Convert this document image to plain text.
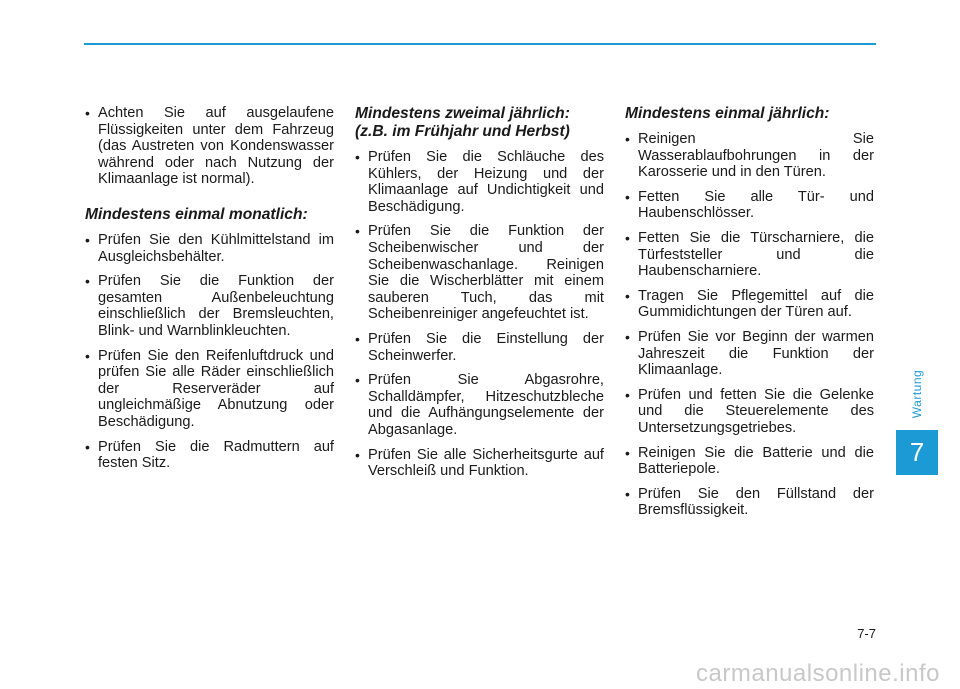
• Achten Sie auf ausgelaufene Flüssigkeiten unter dem Fahrzeug (das Austreten von Kondenswasser während oder nach Nutzung der Klimaanlage ist normal).
Mindestens einmal monatlich:
• Prüfen Sie den Kühlmittelstand im Ausgleichsbehälter.
• Prüfen Sie die Funktion der gesamten Außenbeleuchtung einschließlich der Bremsleuchten, Blink- und Warnblinkleuchten.
• Prüfen Sie den Reifenluftdruck und prüfen Sie alle Räder einschließlich der Reserveräder auf ungleichmäßige Abnutzung oder Beschädigung.
• Prüfen Sie die Radmuttern auf festen Sitz.
Mindestens zweimal jährlich:
(z.B. im Frühjahr und Herbst)
• Prüfen Sie die Schläuche des Kühlers, der Heizung und der Klimaanlage auf Undichtigkeit und Beschädigung.
• Prüfen Sie die Funktion der Scheibenwischer und der Scheibenwaschanlage. Reinigen Sie die Wischerblätter mit einem sauberen Tuch, das mit Scheibenreiniger angefeuchtet ist.
• Prüfen Sie die Einstellung der Scheinwerfer.
• Prüfen Sie Abgasrohre, Schalldämpfer, Hitzeschutzbleche und die Aufhängungselemente der Abgasanlage.
• Prüfen Sie alle Sicherheitsgurte auf Verschleiß und Funktion.
Mindestens einmal jährlich:
• Reinigen Sie Wasserablaufbohrungen in der Karosserie und in den Türen.
• Fetten Sie alle Tür- und Haubenschlösser.
• Fetten Sie die Türscharniere, die Türfeststeller und die Haubenscharniere.
• Tragen Sie Pflegemittel auf die Gummidichtungen der Türen auf.
• Prüfen Sie vor Beginn der warmen Jahreszeit die Funktion der Klimaanlage.
• Prüfen und fetten Sie die Gelenke und die Steuerelemente des Untersetzungsgetriebes.
• Reinigen Sie die Batterie und die Batteriepole.
• Prüfen Sie den Füllstand der Bremsflüssigkeit.
Wartung
7
7-7
carmanualsonline.info
